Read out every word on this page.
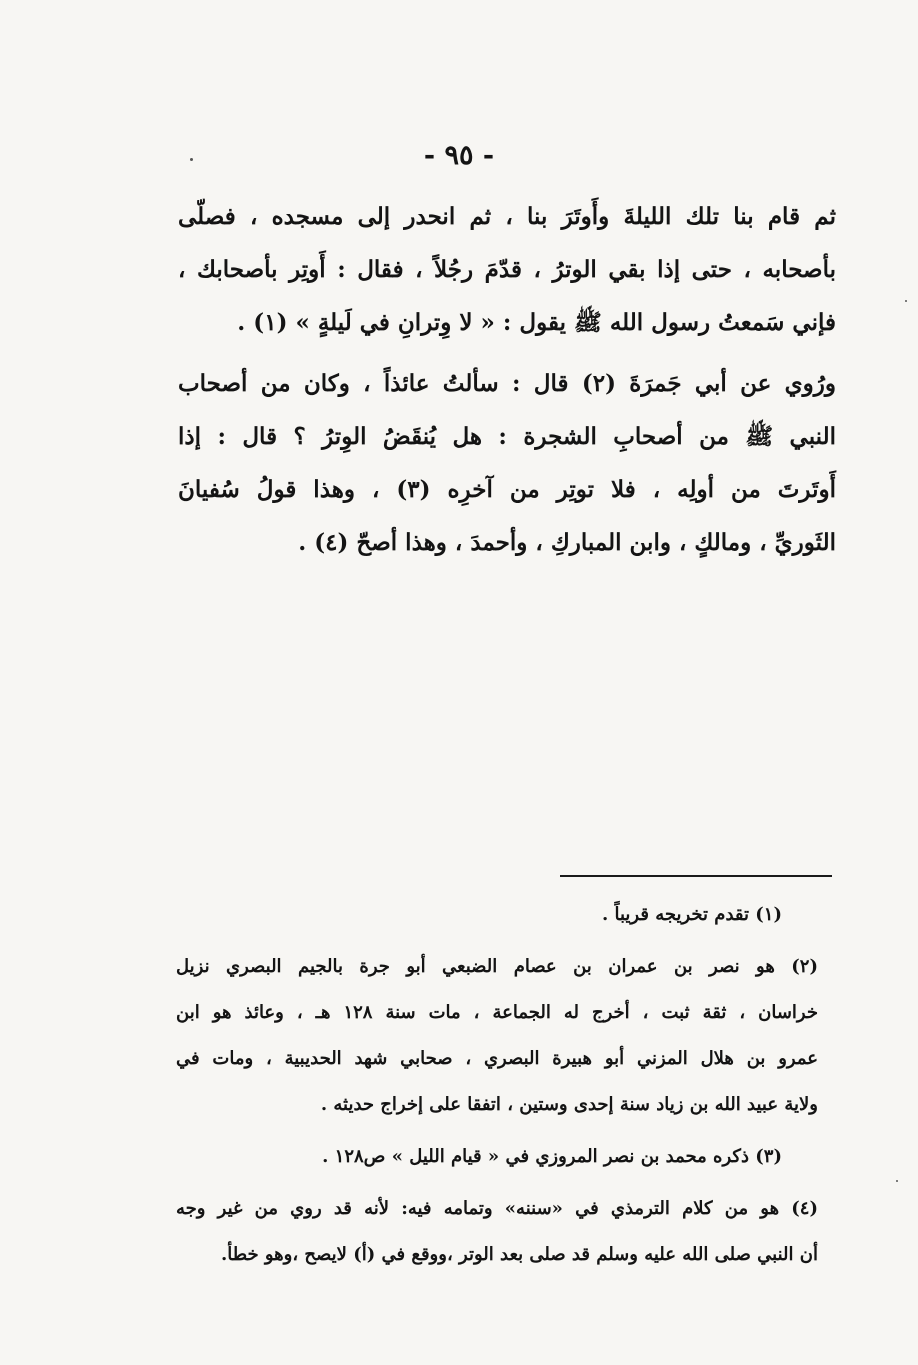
- ٩٥ -
ثم قام بنا تلك الليلةَ وأَوتَرَ بنا ، ثم انحدر إلى مسجده ، فصلّى
بأصحابه ، حتى إذا بقي الوترُ ، قدّمَ رجُلاً ، فقال : أَوتِر بأصحابك ،
فإني سَمعتُ رسول الله ﷺ يقول : « لا وِترانِ في لَيلةٍ » (١) .
ورُوي عن أبي جَمرَةَ (٢) قال : سألتُ عائذاً ، وكان من أصحاب
النبي ﷺ من أصحابِ الشجرة : هل يُنقَضُ الوِترُ ؟ قال : إذا
أَوتَرتَ من أولِه ، فلا توتِر من آخرِه (٣) ، وهذا قولُ سُفيانَ
الثَوريِّ ، ومالكٍ ، وابن المباركِ ، وأحمدَ ، وهذا أصحّ (٤) .
(١) تقدم تخريجه قريباً .
(٢) هو نصر بن عمران بن عصام الضبعي أبو جرة بالجيم البصري نزيل
خراسان ، ثقة ثبت ، أخرج له الجماعة ، مات سنة ١٢٨ هـ ، وعائذ هو ابن
عمرو بن هلال المزني أبو هبيرة البصري ، صحابي شهد الحديبية ، ومات في
ولاية عبيد الله بن زياد سنة إحدى وستين ، اتفقا على إخراج حديثه .
(٣) ذكره محمد بن نصر المروزي في « قيام الليل » ص١٢٨ .
(٤) هو من كلام الترمذي في «سننه» وتمامه فيه: لأنه قد روي من غير وجه
أن النبي صلى الله عليه وسلم قد صلى بعد الوتر ،ووقع في (أ) لايصح ،وهو خطأ.
